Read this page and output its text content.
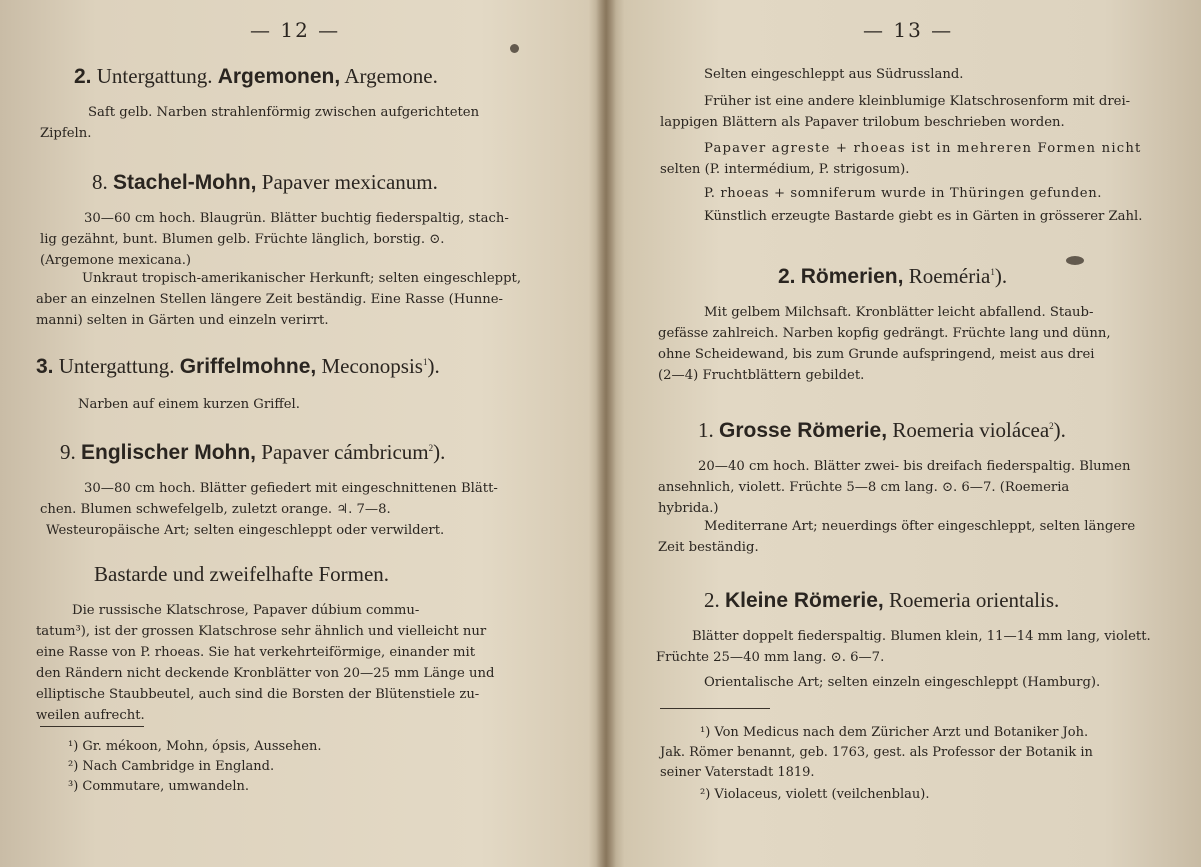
— 12 —
2. Untergattung. Argemonen, Argemone.
Saft gelb. Narben strahlenförmig zwischen aufgerichteten
Zipfeln.
8. Stachel-Mohn, Papaver mexicanum.
30—60 cm hoch. Blaugrün. Blätter buchtig fiederspaltig, stach-
lig gezähnt, bunt. Blumen gelb. Früchte länglich, borstig. ⊙.
(Argemone mexicana.)
Unkraut tropisch-amerikanischer Herkunft; selten eingeschleppt,
aber an einzelnen Stellen längere Zeit beständig. Eine Rasse (Hunne-
manni) selten in Gärten und einzeln verirrt.
3. Untergattung. Griffelmohne, Meconopsis$^1$).
Narben auf einem kurzen Griffel.
9. Englischer Mohn, Papaver cámbricum$^2$).
30—80 cm hoch. Blätter gefiedert mit eingeschnittenen Blätt-
chen. Blumen schwefelgelb, zuletzt orange. ♃. 7—8.
Westeuropäische Art; selten eingeschleppt oder verwildert.
Bastarde und zweifelhafte Formen.
Die russische Klatschrose, Papaver dúbium commu-
tatum³), ist der grossen Klatschrose sehr ähnlich und vielleicht nur
eine Rasse von P. rhoeas. Sie hat verkehrteiförmige, einander mit
den Rändern nicht deckende Kronblätter von 20—25 mm Länge und
elliptische Staubbeutel, auch sind die Borsten der Blütenstiele zu-
weilen aufrecht.
¹) Gr. mékoon, Mohn, ópsis, Aussehen.
²) Nach Cambridge in England.
³) Commutare, umwandeln.
— 13 —
Selten eingeschleppt aus Südrussland.
Früher ist eine andere kleinblumige Klatschrosenform mit drei-
lappigen Blättern als Papaver trilobum beschrieben worden.
Papaver agreste + rhoeas ist in mehreren Formen nicht
selten (P. intermédium, P. strigosum).
P. rhoeas + somniferum wurde in Thüringen gefunden.
Künstlich erzeugte Bastarde giebt es in Gärten in grösserer Zahl.
2. Römerien, Roeméria$^1$).
Mit gelbem Milchsaft. Kronblätter leicht abfallend. Staub-
gefässe zahlreich. Narben kopfig gedrängt. Früchte lang und dünn,
ohne Scheidewand, bis zum Grunde aufspringend, meist aus drei
(2—4) Fruchtblättern gebildet.
1. Grosse Römerie, Roemeria violácea$^2$).
20—40 cm hoch. Blätter zwei- bis dreifach fiederspaltig. Blumen
ansehnlich, violett. Früchte 5—8 cm lang. ⊙. 6—7. (Roemeria
hybrida.)
Mediterrane Art; neuerdings öfter eingeschleppt, selten längere
Zeit beständig.
2. Kleine Römerie, Roemeria orientalis.
Blätter doppelt fiederspaltig. Blumen klein, 11—14 mm lang, violett.
Früchte 25—40 mm lang. ⊙. 6—7.
Orientalische Art; selten einzeln eingeschleppt (Hamburg).
¹) Von Medicus nach dem Züricher Arzt und Botaniker Joh.
Jak. Römer benannt, geb. 1763, gest. als Professor der Botanik in
seiner Vaterstadt 1819.
²) Violaceus, violett (veilchenblau).
